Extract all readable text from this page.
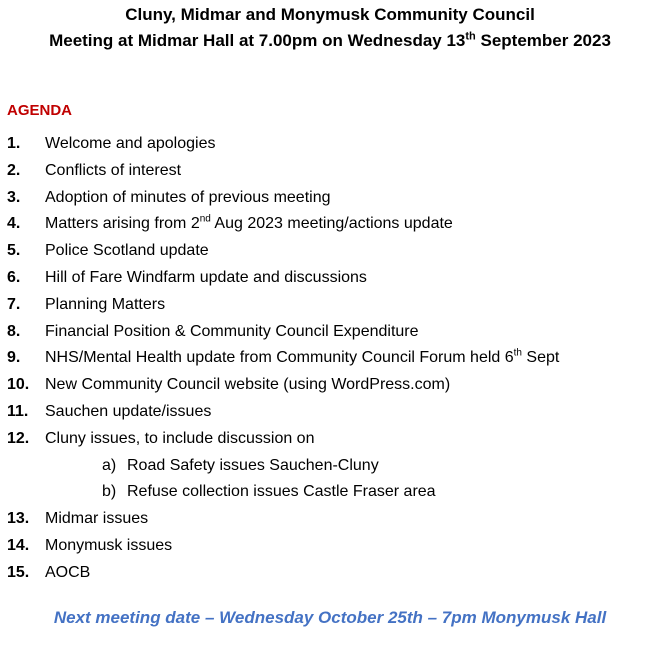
Cluny, Midmar and Monymusk Community Council
Meeting at Midmar Hall at 7.00pm on Wednesday 13th September 2023
AGENDA
1. Welcome and apologies
2. Conflicts of interest
3. Adoption of minutes of previous meeting
4. Matters arising from 2nd Aug 2023 meeting/actions update
5. Police Scotland update
6. Hill of Fare Windfarm update and discussions
7. Planning Matters
8. Financial Position & Community Council Expenditure
9. NHS/Mental Health update from Community Council Forum held 6th Sept
10. New Community Council website (using WordPress.com)
11. Sauchen update/issues
12. Cluny issues, to include discussion on
a) Road Safety issues Sauchen-Cluny
b) Refuse collection issues Castle Fraser area
13. Midmar issues
14. Monymusk issues
15. AOCB
Next meeting date – Wednesday October 25th – 7pm Monymusk Hall
